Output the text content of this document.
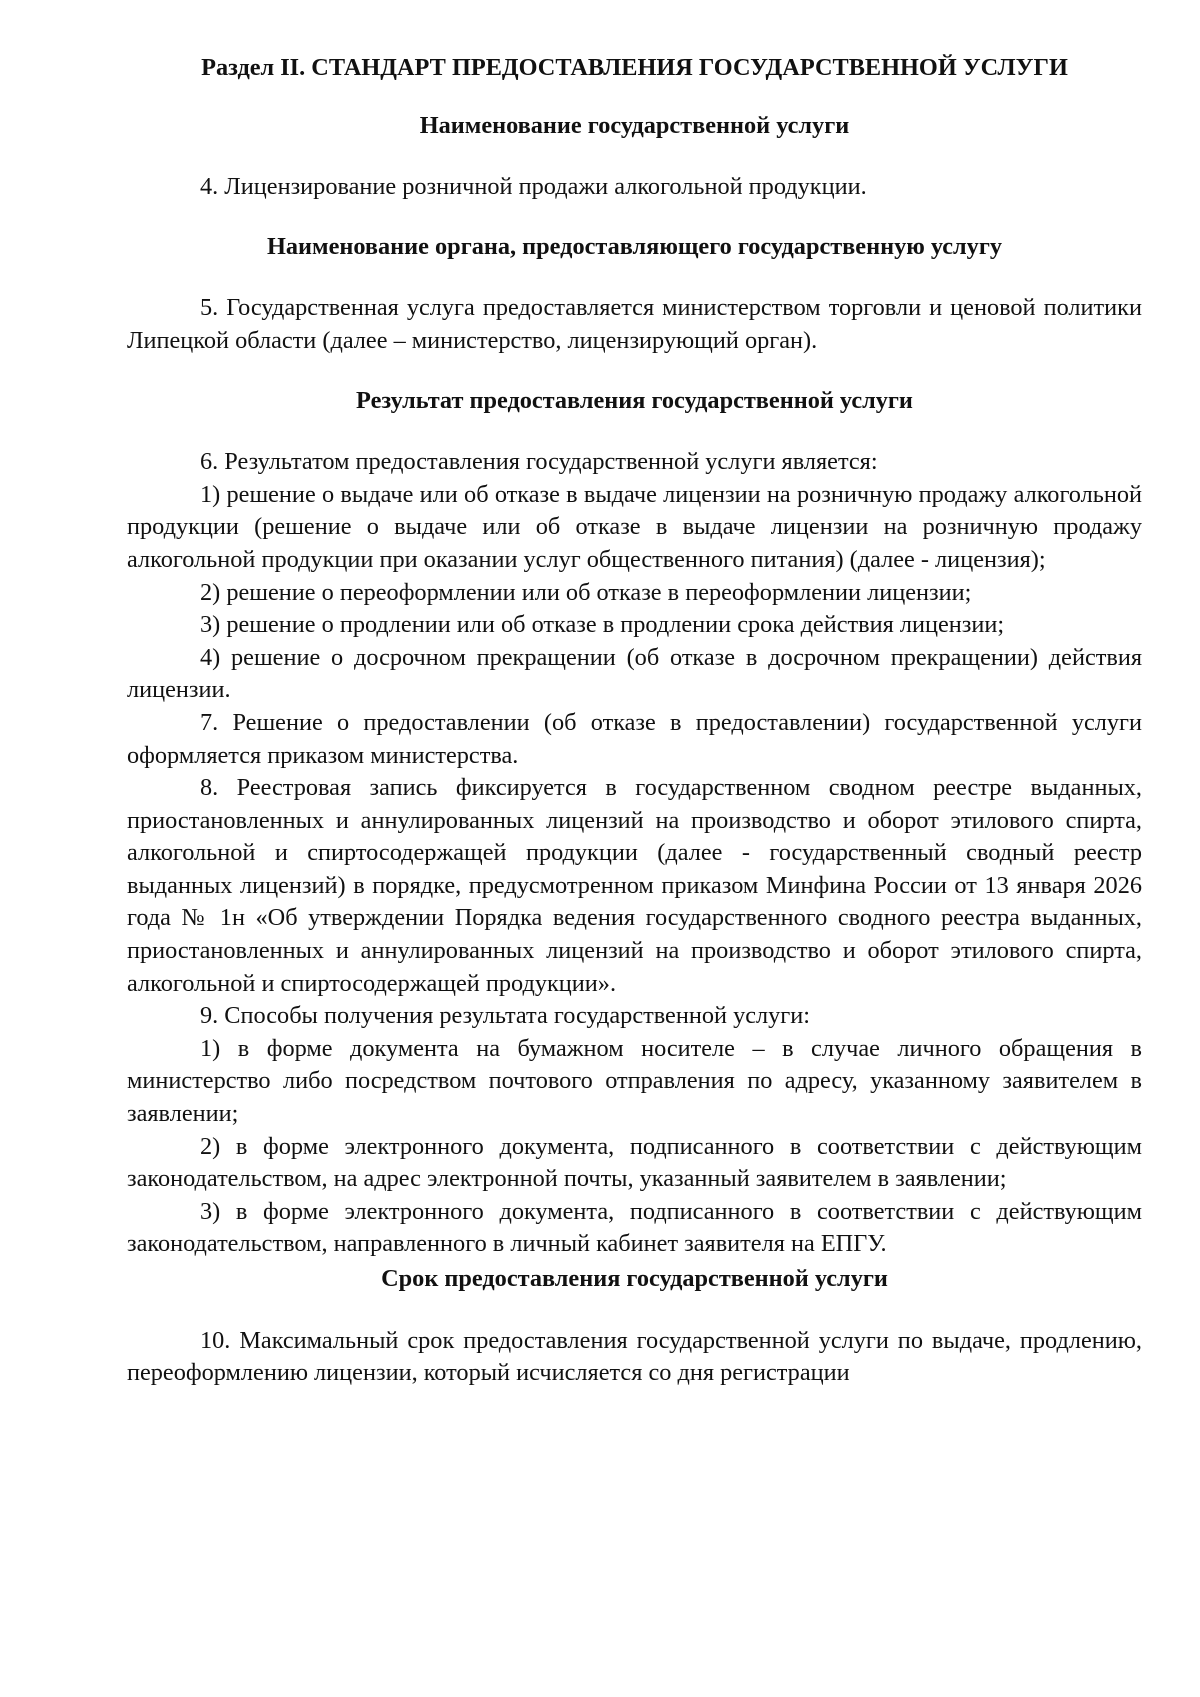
Раздел II. СТАНДАРТ ПРЕДОСТАВЛЕНИЯ ГОСУДАРСТВЕННОЙ УСЛУГИ

Наименование государственной услуги

4. Лицензирование розничной продажи алкогольной продукции.

Наименование органа, предоставляющего государственную услугу

5. Государственная услуга предоставляется министерством торговли и ценовой политики Липецкой области (далее – министерство, лицензирующий орган).

Результат предоставления государственной услуги

6. Результатом предоставления государственной услуги является:

1) решение о выдаче или об отказе в выдаче лицензии на розничную продажу алкогольной продукции (решение о выдаче или об отказе в выдаче лицензии на розничную продажу алкогольной продукции при оказании услуг общественного питания) (далее - лицензия);

2) решение о переоформлении или об отказе в переоформлении лицензии;

3) решение о продлении или об отказе в продлении срока действия лицензии;

4) решение о досрочном прекращении (об отказе в досрочном прекращении) действия лицензии.

7. Решение о предоставлении (об отказе в предоставлении) государственной услуги оформляется приказом министерства.

8. Реестровая запись фиксируется в государственном сводном реестре выданных, приостановленных и аннулированных лицензий на производство и оборот этилового спирта, алкогольной и спиртосодержащей продукции (далее - государственный сводный реестр выданных лицензий) в порядке, предусмотренном приказом Минфина России от 13 января 2026 года № 1н «Об утверждении Порядка ведения государственного сводного реестра выданных, приостановленных и аннулированных лицензий на производство и оборот этилового спирта, алкогольной и спиртосодержащей продукции».

9. Способы получения результата государственной услуги:

1) в форме документа на бумажном носителе – в случае личного обращения в министерство либо посредством почтового отправления по адресу, указанному заявителем в заявлении;

2) в форме электронного документа, подписанного в соответствии с действующим законодательством, на адрес электронной почты, указанный заявителем в заявлении;

3) в форме электронного документа, подписанного в соответствии с действующим законодательством, направленного в личный кабинет заявителя на ЕПГУ.

Срок предоставления государственной услуги

10. Максимальный срок предоставления государственной услуги по выдаче, продлению, переоформлению лицензии, который исчисляется со дня регистрации
